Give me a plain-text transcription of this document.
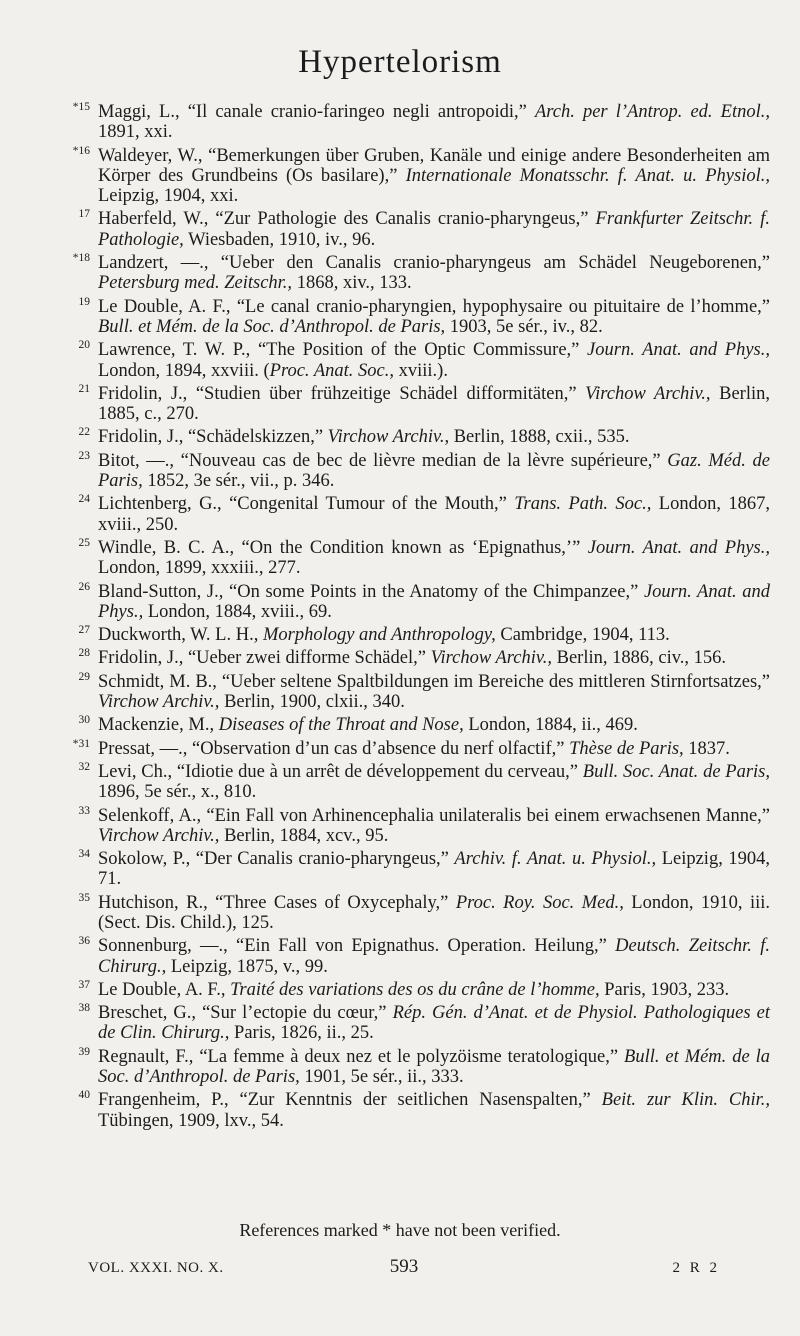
Hypertelorism
*15 Maggi, L., “Il canale cranio-faringeo negli antropoidi,” Arch. per l’Antrop. ed. Etnol., 1891, xxi.
*16 Waldeyer, W., “Bemerkungen über Gruben, Kanäle und einige andere Besonderheiten am Körper des Grundbeins (Os basilare),” Internationale Monatsschr. f. Anat. u. Physiol., Leipzig, 1904, xxi.
17 Haberfeld, W., “Zur Pathologie des Canalis cranio-pharyngeus,” Frankfurter Zeitschr. f. Pathologie, Wiesbaden, 1910, iv., 96.
*18 Landzert, —., “Ueber den Canalis cranio-pharyngeus am Schädel Neugeborenen,” Petersburg med. Zeitschr., 1868, xiv., 133.
19 Le Double, A. F., “Le canal cranio-pharyngien, hypophysaire ou pituitaire de l’homme,” Bull. et Mém. de la Soc. d’Anthropol. de Paris, 1903, 5e sér., iv., 82.
20 Lawrence, T. W. P., “The Position of the Optic Commissure,” Journ. Anat. and Phys., London, 1894, xxviii. (Proc. Anat. Soc., xviii.).
21 Fridolin, J., “Studien über frühzeitige Schädel difformitäten,” Virchow Archiv., Berlin, 1885, c., 270.
22 Fridolin, J., “Schädelskizzen,” Virchow Archiv., Berlin, 1888, cxii., 535.
23 Bitot, —., “Nouveau cas de bec de lièvre median de la lèvre supérieure,” Gaz. Méd. de Paris, 1852, 3e sér., vii., p. 346.
24 Lichtenberg, G., “Congenital Tumour of the Mouth,” Trans. Path. Soc., London, 1867, xviii., 250.
25 Windle, B. C. A., “On the Condition known as ‘Epignathus,’” Journ. Anat. and Phys., London, 1899, xxxiii., 277.
26 Bland-Sutton, J., “On some Points in the Anatomy of the Chimpanzee,” Journ. Anat. and Phys., London, 1884, xviii., 69.
27 Duckworth, W. L. H., Morphology and Anthropology, Cambridge, 1904, 113.
28 Fridolin, J., “Ueber zwei difforme Schädel,” Virchow Archiv., Berlin, 1886, civ., 156.
29 Schmidt, M. B., “Ueber seltene Spaltbildungen im Bereiche des mittleren Stirnfortsatzes,” Virchow Archiv., Berlin, 1900, clxii., 340.
30 Mackenzie, M., Diseases of the Throat and Nose, London, 1884, ii., 469.
*31 Pressat, —., “Observation d’un cas d’absence du nerf olfactif,” Thèse de Paris, 1837.
32 Levi, Ch., “Idiotie due à un arrêt de développement du cerveau,” Bull. Soc. Anat. de Paris, 1896, 5e sér., x., 810.
33 Selenkoff, A., “Ein Fall von Arhinencephalia unilateralis bei einem erwachsenen Manne,” Virchow Archiv., Berlin, 1884, xcv., 95.
34 Sokolow, P., “Der Canalis cranio-pharyngeus,” Archiv. f. Anat. u. Physiol., Leipzig, 1904, 71.
35 Hutchison, R., “Three Cases of Oxycephaly,” Proc. Roy. Soc. Med., London, 1910, iii. (Sect. Dis. Child.), 125.
36 Sonnenburg, —., “Ein Fall von Epignathus. Operation. Heilung,” Deutsch. Zeitschr. f. Chirurg., Leipzig, 1875, v., 99.
37 Le Double, A. F., Traité des variations des os du crâne de l’homme, Paris, 1903, 233.
38 Breschet, G., “Sur l’ectopie du cœur,” Rép. Gén. d’Anat. et de Physiol. Pathologiques et de Clin. Chirurg., Paris, 1826, ii., 25.
39 Regnault, F., “La femme à deux nez et le polyzöisme teratologique,” Bull. et Mém. de la Soc. d’Anthropol. de Paris, 1901, 5e sér., ii., 333.
40 Frangenheim, P., “Zur Kenntnis der seitlichen Nasenspalten,” Beit. zur Klin. Chir., Tübingen, 1909, lxv., 54.
References marked * have not been verified.
VOL. XXXI. NO. X.	593	2 R 2
